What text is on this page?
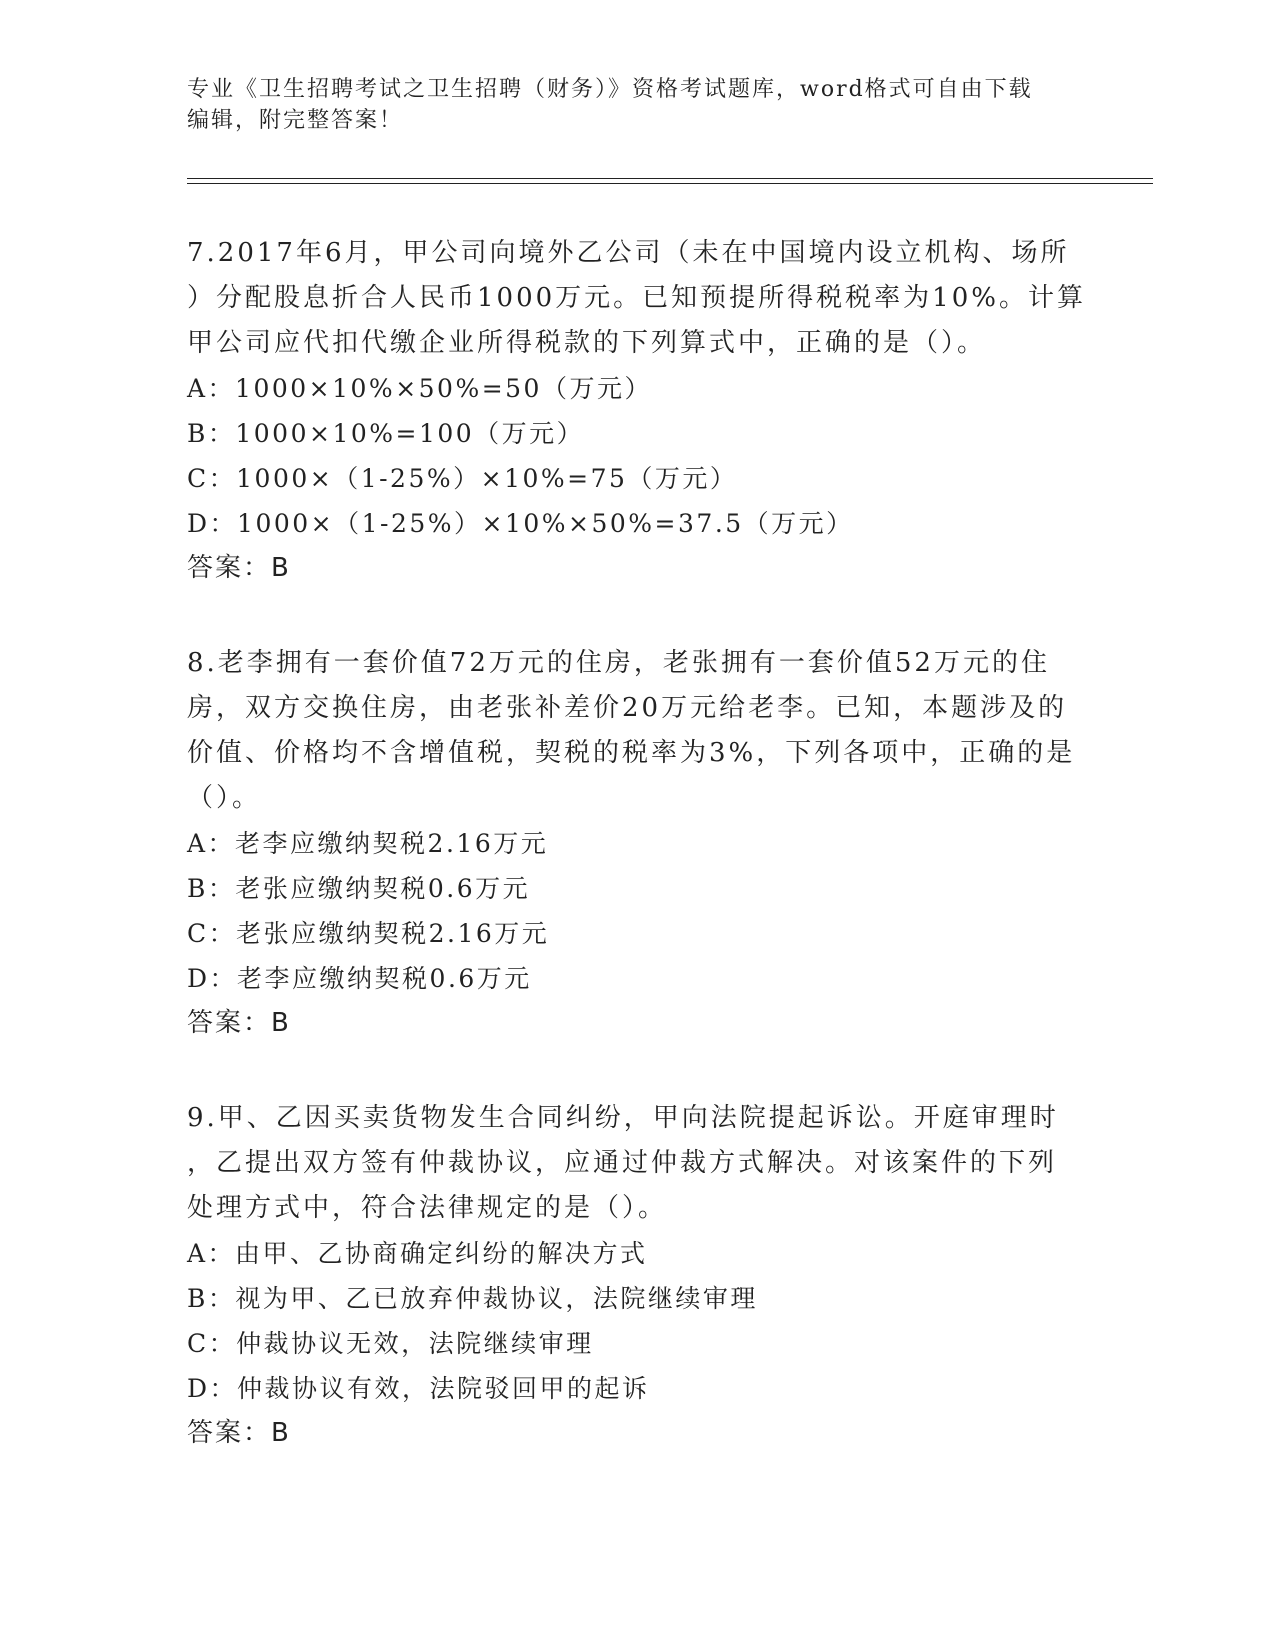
专业《卫生招聘考试之卫生招聘（财务）》资格考试题库，word格式可自由下载
编辑，附完整答案！
7.2017年6月，甲公司向境外乙公司（未在中国境内设立机构、场所
）分配股息折合人民币1000万元。已知预提所得税税率为10%。计算
甲公司应代扣代缴企业所得税款的下列算式中，正确的是（）。
A：1000×10%×50%=50（万元）
B：1000×10%=100（万元）
C：1000×（1-25%）×10%=75（万元）
D：1000×（1-25%）×10%×50%=37.5（万元）
答案：B
8.老李拥有一套价值72万元的住房，老张拥有一套价值52万元的住
房，双方交换住房，由老张补差价20万元给老李。已知，本题涉及的
价值、价格均不含增值税，契税的税率为3%，下列各项中，正确的是
（）。
A：老李应缴纳契税2.16万元
B：老张应缴纳契税0.6万元
C：老张应缴纳契税2.16万元
D：老李应缴纳契税0.6万元
答案：B
9.甲、乙因买卖货物发生合同纠纷，甲向法院提起诉讼。开庭审理时
，乙提出双方签有仲裁协议，应通过仲裁方式解决。对该案件的下列
处理方式中，符合法律规定的是（）。
A：由甲、乙协商确定纠纷的解决方式
B：视为甲、乙已放弃仲裁协议，法院继续审理
C：仲裁协议无效，法院继续审理
D：仲裁协议有效，法院驳回甲的起诉
答案：B
